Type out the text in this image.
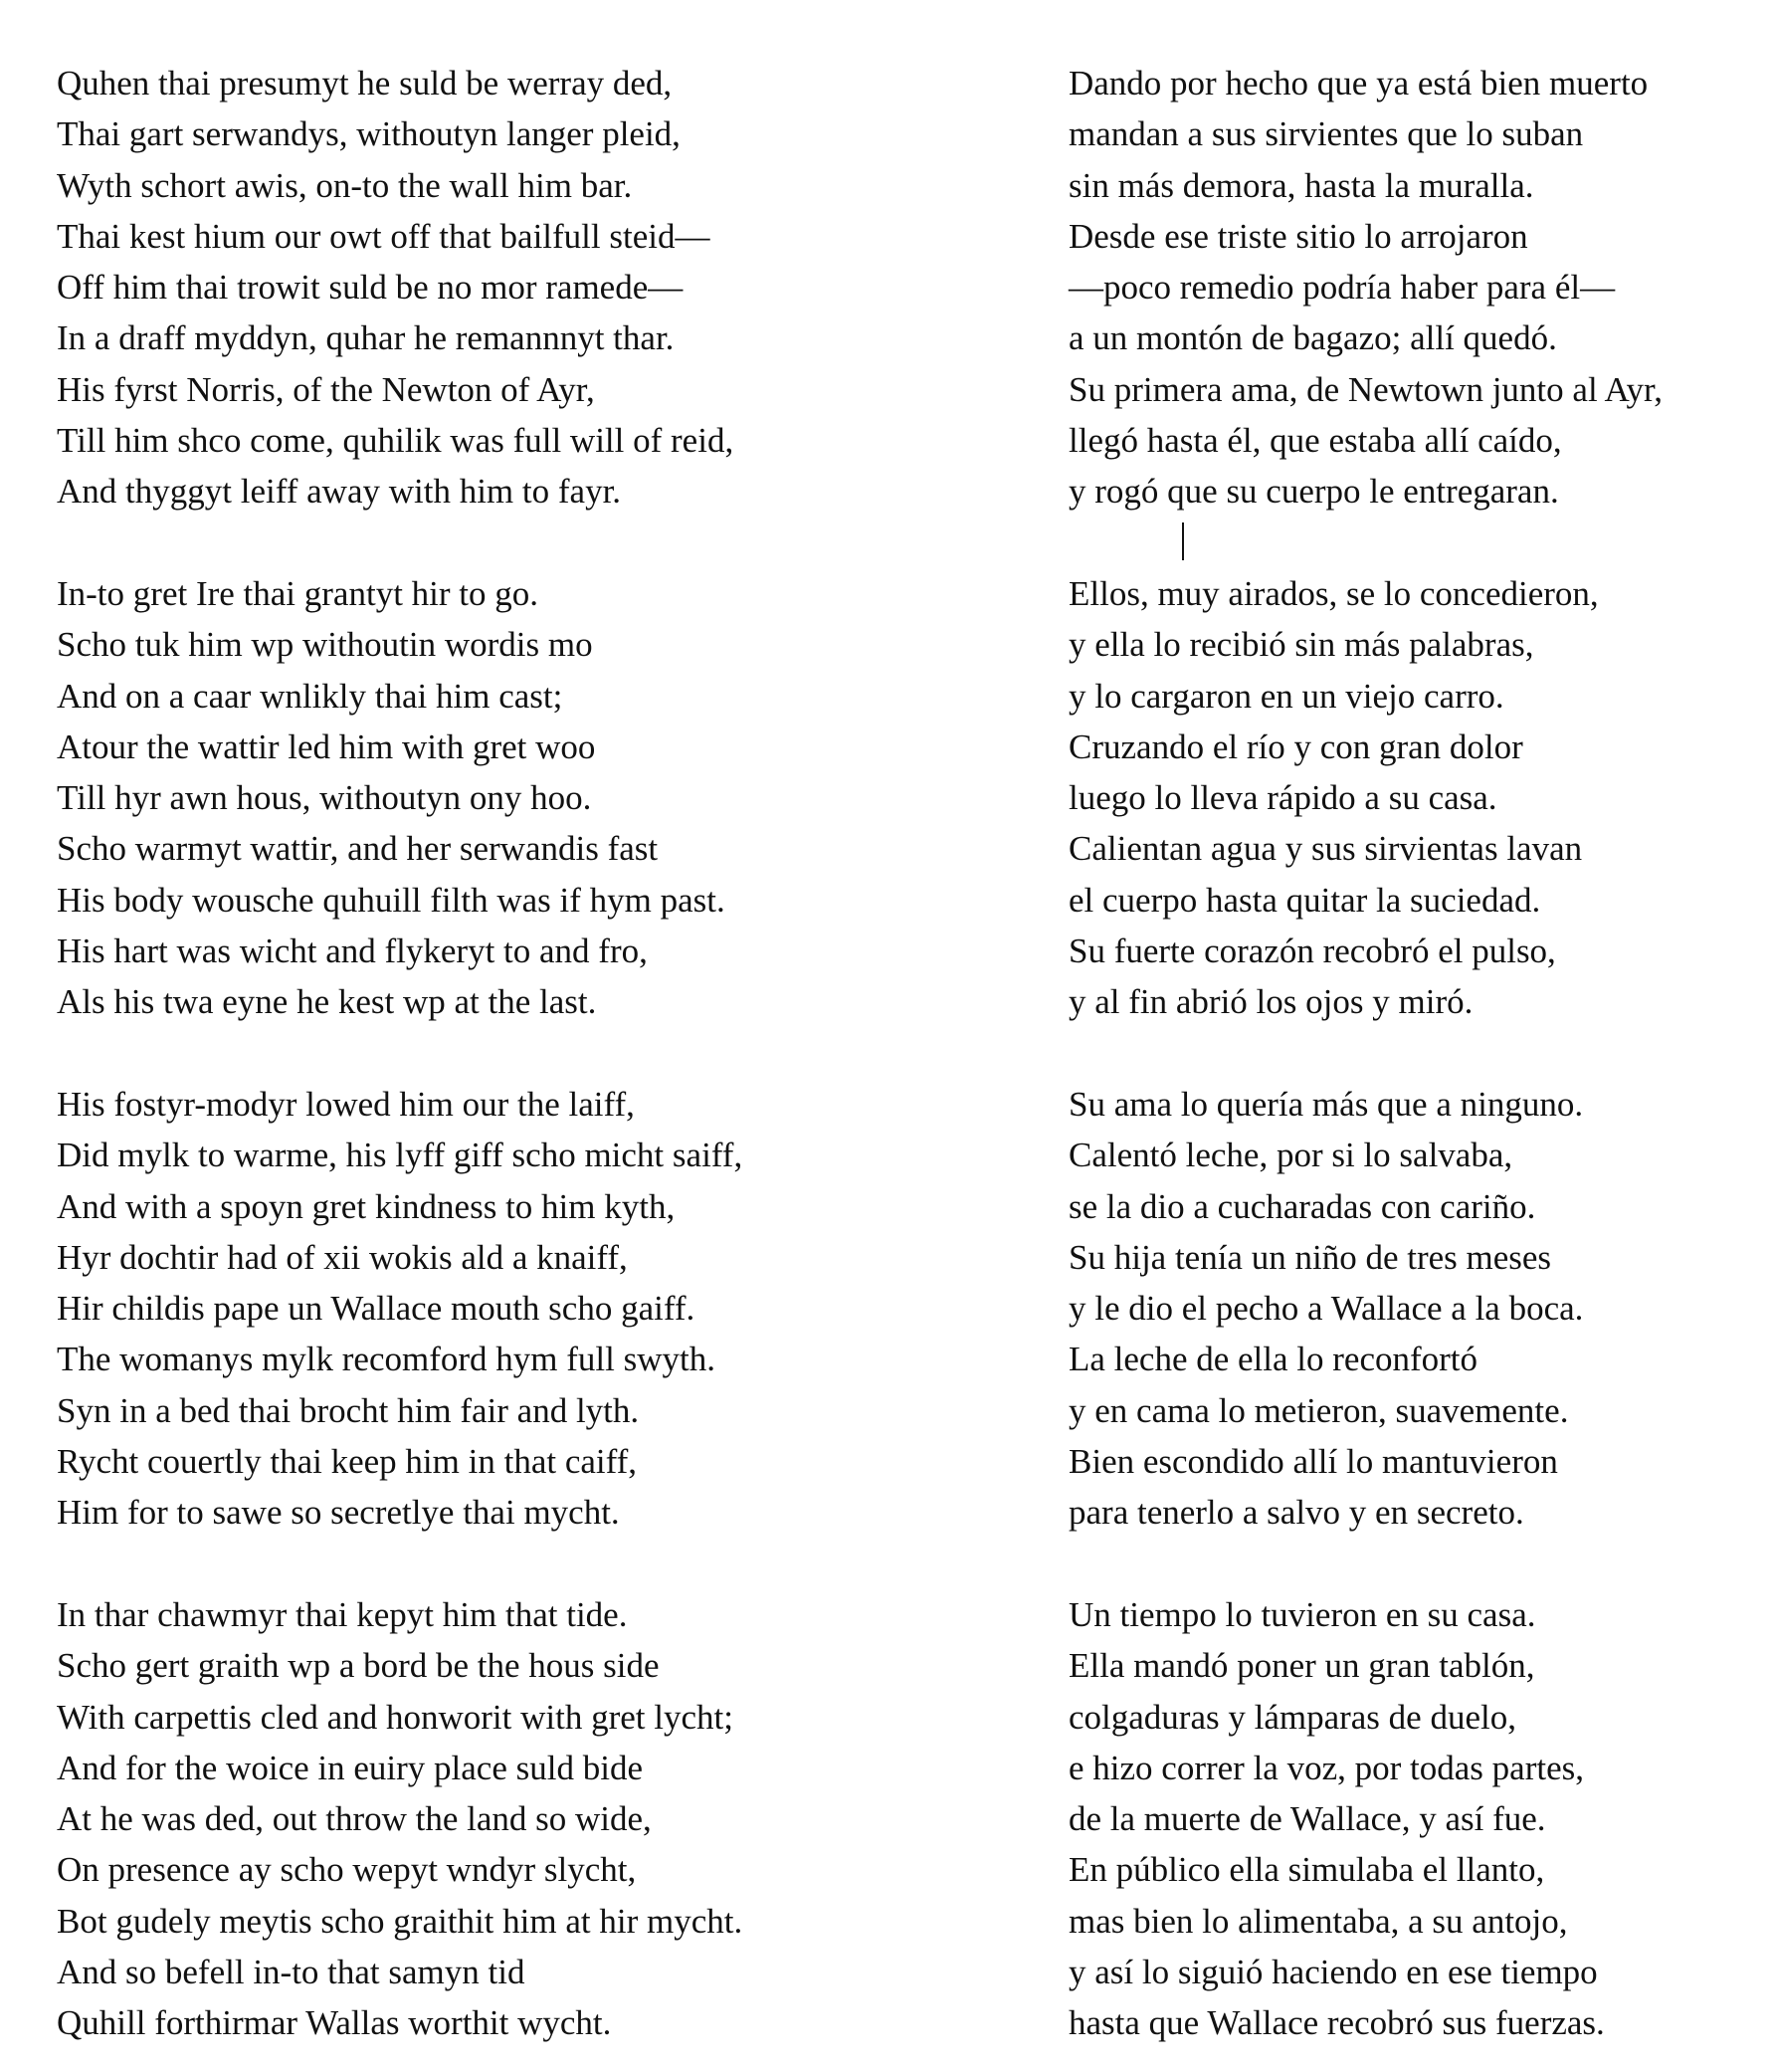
Quhen thai presumyt he suld be werray ded,
Thai gart serwandys, withoutyn langer pleid,
Wyth schort awis, on-to the wall him bar.
Thai kest hium our owt off that bailfull steid—
Off him thai trowit suld be no mor ramede—
In a draff myddyn, quhar he remannnyt thar.
His fyrst Norris, of the Newton of Ayr,
Till him shco come, quhilik was full will of reid,
And thyggyt leiff away with him to fayr.
In-to gret Ire thai grantyt hir to go.
Scho tuk him wp withoutin wordis mo
And on a caar wnlikly thai him cast;
Atour the wattir led him with gret woo
Till hyr awn hous, withoutyn ony hoo.
Scho warmyt wattir, and her serwandis fast
His body wousche quhuill filth was if hym past.
His hart was wicht and flykeryt to and fro,
Als his twa eyne he kest wp at the last.
His fostyr-modyr lowed him our the laiff,
Did mylk to warme, his lyff giff scho micht saiff,
And with a spoyn gret kindness to him kyth,
Hyr dochtir had of xii wokis ald a knaiff,
Hir childis pape un Wallace mouth scho gaiff.
The womanys mylk recomford hym full swyth.
Syn in a bed thai brocht him fair and lyth.
Rycht couertly thai keep him in that caiff,
Him for to sawe so secretlye thai mycht.
In thar chawmyr thai kepyt him that tide.
Scho gert graith wp a bord be the hous side
With carpettis cled and honworit with gret lycht;
And for the woice in euiry place suld bide
At he was ded, out throw the land so wide,
On presence ay scho wepyt wndyr slycht,
Bot gudely meytis scho graithit him at hir mycht.
And so befell in-to that samyn tid
Quhill forthirmar Wallas worthit wycht.
Dando por hecho que ya está bien muerto
mandan a sus sirvientes que lo suban
sin más demora, hasta la muralla.
Desde ese triste sitio lo arrojaron
—poco remedio podría haber para él—
a un montón de bagazo; allí quedó.
Su primera ama, de Newtown junto al Ayr,
llegó hasta él, que estaba allí caído,
y rogó que su cuerpo le entregaran.
Ellos, muy airados, se lo concedieron,
y ella lo recibió sin más palabras,
y lo cargaron en un viejo carro.
Cruzando el río y con gran dolor
luego lo lleva rápido a su casa.
Calientan agua y sus sirvientas lavan
el cuerpo hasta quitar la suciedad.
Su fuerte corazón recobró el pulso,
y al fin abrió los ojos y miró.
Su ama lo quería más que a ninguno.
Calentó leche, por si lo salvaba,
se la dio a cucharadas con cariño.
Su hija tenía un niño de tres meses
y le dio el pecho a Wallace a la boca.
La leche de ella lo reconfortó
y en cama lo metieron, suavemente.
Bien escondido allí lo mantuvieron
para tenerlo a salvo y en secreto.
Un tiempo lo tuvieron en su casa.
Ella mandó poner un gran tablón,
colgaduras y lámparas de duelo,
e hizo correr la voz, por todas partes,
de la muerte de Wallace, y así fue.
En público ella simulaba el llanto,
mas bien lo alimentaba, a su antojo,
y así lo siguió haciendo en ese tiempo
hasta que Wallace recobró sus fuerzas.
